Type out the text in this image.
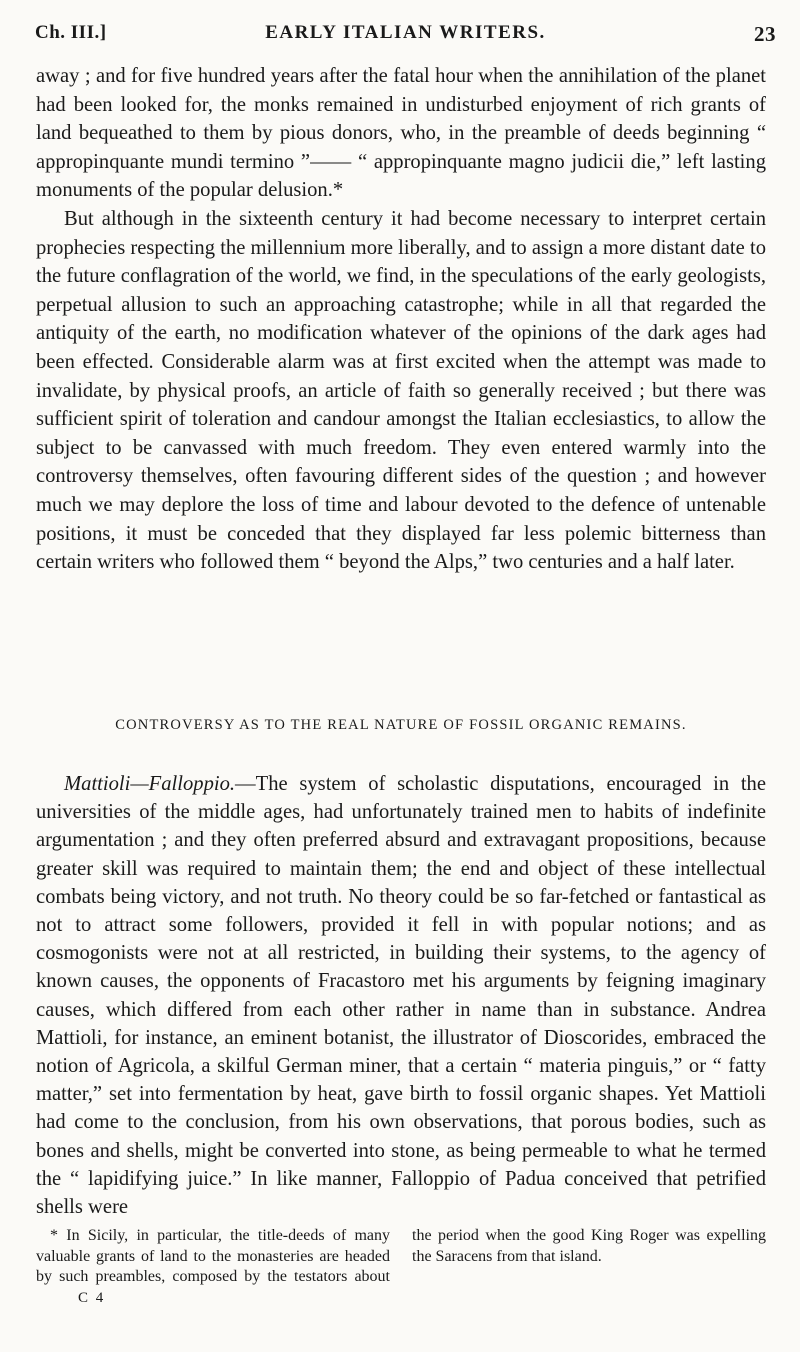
Ch. III.]	EARLY ITALIAN WRITERS.	23

away ; and for five hundred years after the fatal hour when the annihilation of the planet had been looked for, the monks remained in undisturbed enjoyment of rich grants of land bequeathed to them by pious donors, who, in the preamble of deeds beginning “ appropinquante mundi termino ”—— “ appropinquante magno judicii die,” left lasting monuments of the popular delusion.*

But although in the sixteenth century it had become necessary to interpret certain prophecies respecting the millennium more liberally, and to assign a more distant date to the future conflagration of the world, we find, in the speculations of the early geologists, perpetual allusion to such an approaching catastrophe; while in all that regarded the antiquity of the earth, no modification whatever of the opinions of the dark ages had been effected. Considerable alarm was at first excited when the attempt was made to invalidate, by physical proofs, an article of faith so generally received ; but there was sufficient spirit of toleration and candour amongst the Italian ecclesiastics, to allow the subject to be canvassed with much freedom. They even entered warmly into the controversy themselves, often favouring different sides of the question ; and however much we may deplore the loss of time and labour devoted to the defence of untenable positions, it must be conceded that they displayed far less polemic bitterness than certain writers who followed them “ beyond the Alps,” two centuries and a half later.

CONTROVERSY AS TO THE REAL NATURE OF FOSSIL ORGANIC REMAINS.

Mattioli—Falloppio.—The system of scholastic disputations, encouraged in the universities of the middle ages, had unfortunately trained men to habits of indefinite argumentation ; and they often preferred absurd and extravagant propositions, because greater skill was required to maintain them; the end and object of these intellectual combats being victory, and not truth. No theory could be so far-fetched or fantastical as not to attract some followers, provided it fell in with popular notions; and as cosmogonists were not at all restricted, in building their systems, to the agency of known causes, the opponents of Fracastoro met his arguments by feigning imaginary causes, which differed from each other rather in name than in substance. Andrea Mattioli, for instance, an eminent botanist, the illustrator of Dioscorides, embraced the notion of Agricola, a skilful German miner, that a certain “ materia pinguis,” or “ fatty matter,” set into fermentation by heat, gave birth to fossil organic shapes. Yet Mattioli had come to the conclusion, from his own observations, that porous bodies, such as bones and shells, might be converted into stone, as being permeable to what he termed the “ lapidifying juice.” In like manner, Falloppio of Padua conceived that petrified shells were

* In Sicily, in particular, the title-deeds of many valuable grants of land to the monasteries are headed by such preambles, composed by the testators about the period when the good King Roger was expelling the Saracens from that island.

C 4
